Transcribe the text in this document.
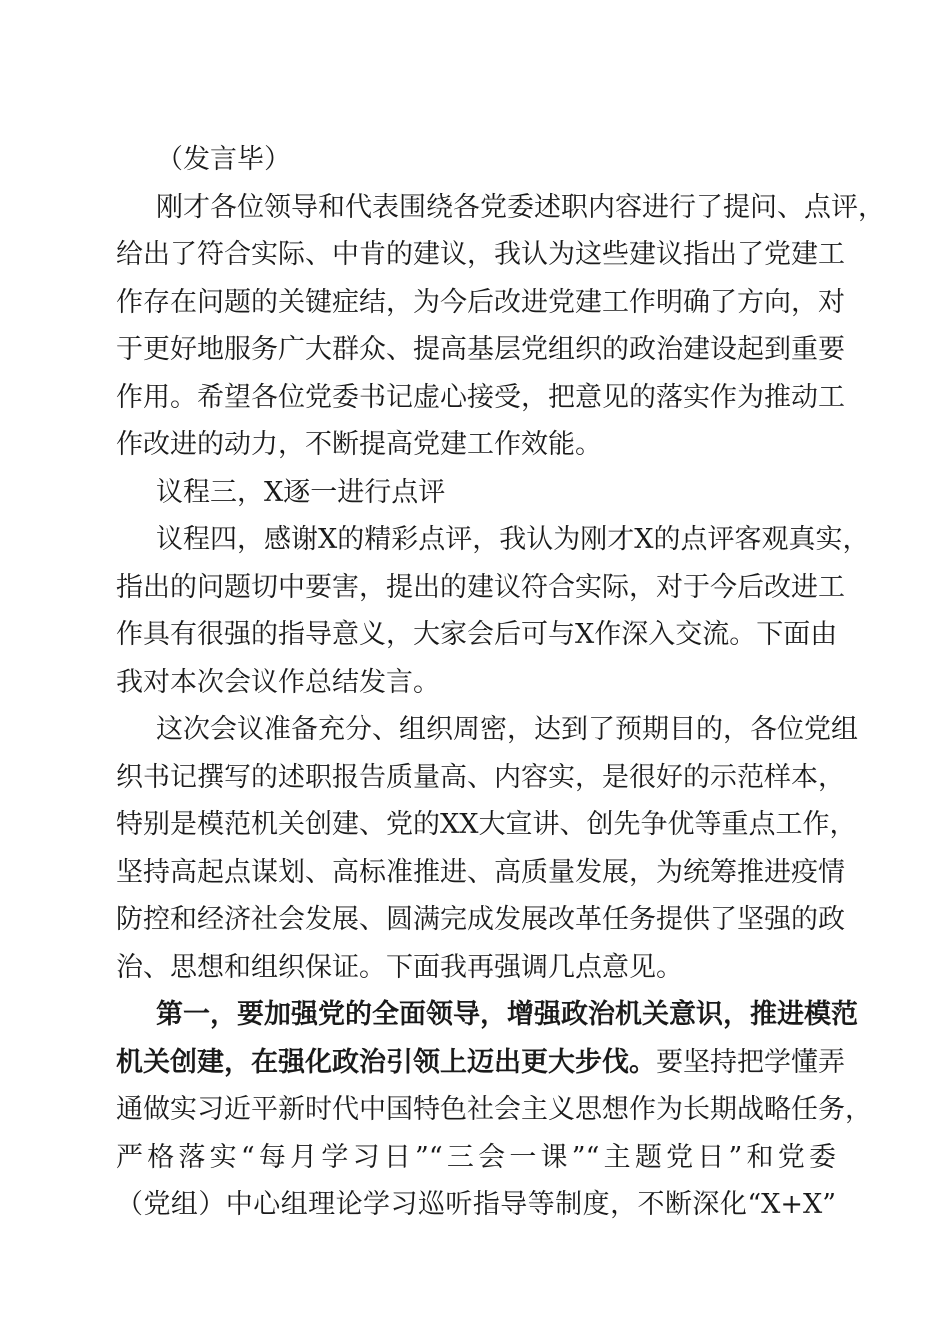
（发言毕）

刚才各位领导和代表围绕各党委述职内容进行了提问、点评，

给出了符合实际、中肯的建议，我认为这些建议指出了党建工

作存在问题的关键症结，为今后改进党建工作明确了方向，对

于更好地服务广大群众、提高基层党组织的政治建设起到重要

作用。希望各位党委书记虚心接受，把意见的落实作为推动工

作改进的动力，不断提高党建工作效能。

议程三，X逐一进行点评

议程四，感谢X的精彩点评，我认为刚才X的点评客观真实，

指出的问题切中要害，提出的建议符合实际，对于今后改进工

作具有很强的指导意义，大家会后可与X作深入交流。下面由

我对本次会议作总结发言。

这次会议准备充分、组织周密，达到了预期目的，各位党组

织书记撰写的述职报告质量高、内容实，是很好的示范样本，

特别是模范机关创建、党的XX大宣讲、创先争优等重点工作，

坚持高起点谋划、高标准推进、高质量发展，为统筹推进疫情

防控和经济社会发展、圆满完成发展改革任务提供了坚强的政

治、思想和组织保证。下面我再强调几点意见。

第一，要加强党的全面领导，增强政治机关意识，推进模范

机关创建，在强化政治引领上迈出更大步伐。要坚持把学懂弄

通做实习近平新时代中国特色社会主义思想作为长期战略任务，

严格落实“每月学习日”“三会一课”“主题党日”和党委

（党组）中心组理论学习巡听指导等制度，不断深化“X+X”
